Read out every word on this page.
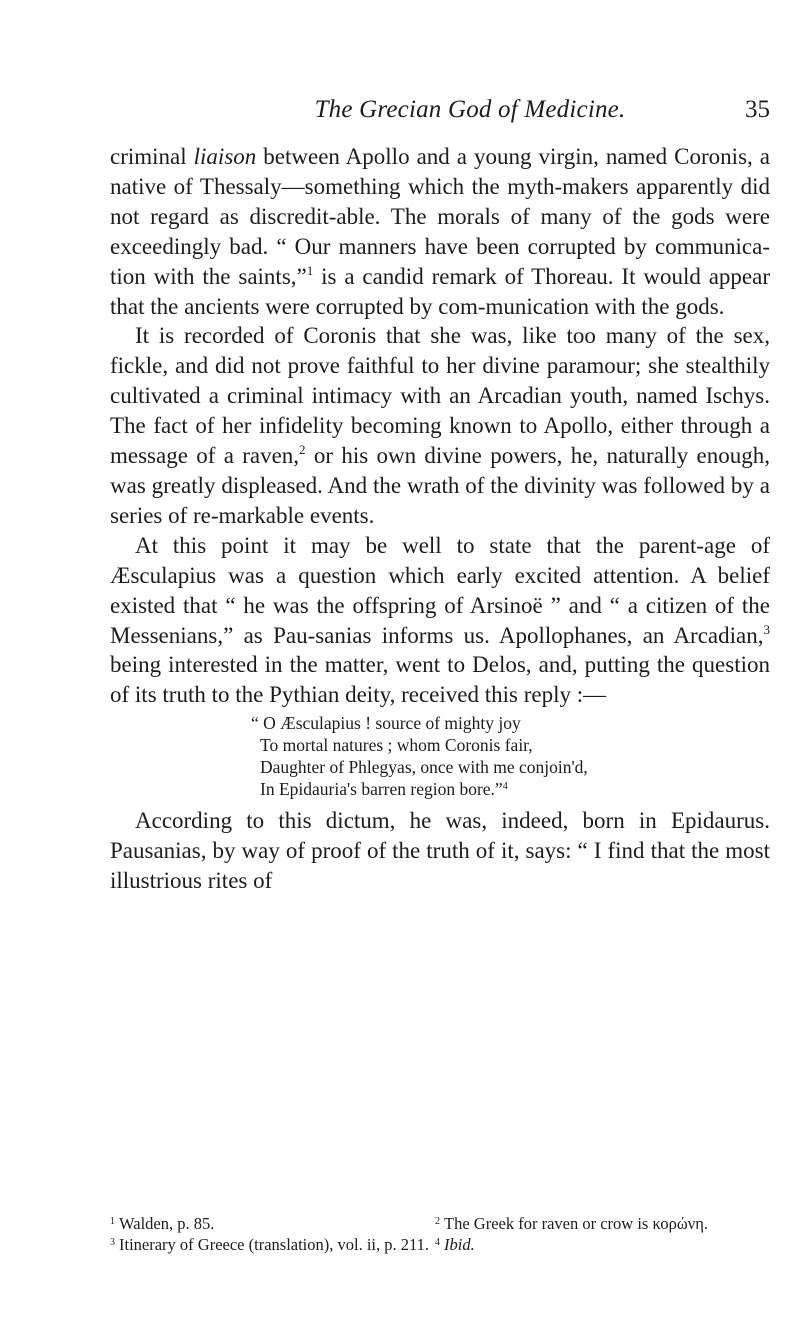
The Grecian God of Medicine.	35

criminal liaison between Apollo and a young virgin, named Coronis, a native of Thessaly—something which the myth-makers apparently did not regard as discredit-able. The morals of many of the gods were exceedingly bad. “ Our manners have been corrupted by communica-tion with the saints,”$^1$ is a candid remark of Thoreau. It would appear that the ancients were corrupted by com-munication with the gods.

It is recorded of Coronis that she was, like too many of the sex, fickle, and did not prove faithful to her divine paramour; she stealthily cultivated a criminal intimacy with an Arcadian youth, named Ischys. The fact of her infidelity becoming known to Apollo, either through a message of a raven,$^2$ or his own divine powers, he, naturally enough, was greatly displeased. And the wrath of the divinity was followed by a series of re-markable events.

At this point it may be well to state that the parent-age of Æsculapius was a question which early excited attention. A belief existed that “ he was the offspring of Arsinoë ” and “ a citizen of the Messenians,” as Pau-sanias informs us. Apollophanes, an Arcadian,$^3$ being interested in the matter, went to Delos, and, putting the question of its truth to the Pythian deity, received this reply :—

“ O Æsculapius ! source of mighty joy
To mortal natures ; whom Coronis fair,
Daughter of Phlegyas, once with me conjoin'd,
In Epidauria's barren region bore.”$^4$

According to this dictum, he was, indeed, born in Epidaurus. Pausanias, by way of proof of the truth of it, says: “ I find that the most illustrious rites of

$^1$ Walden, p. 85.	$^2$ The Greek for raven or crow is κορώνη.
$^3$ Itinerary of Greece (translation), vol. ii, p. 211. $^4$ Ibid.
